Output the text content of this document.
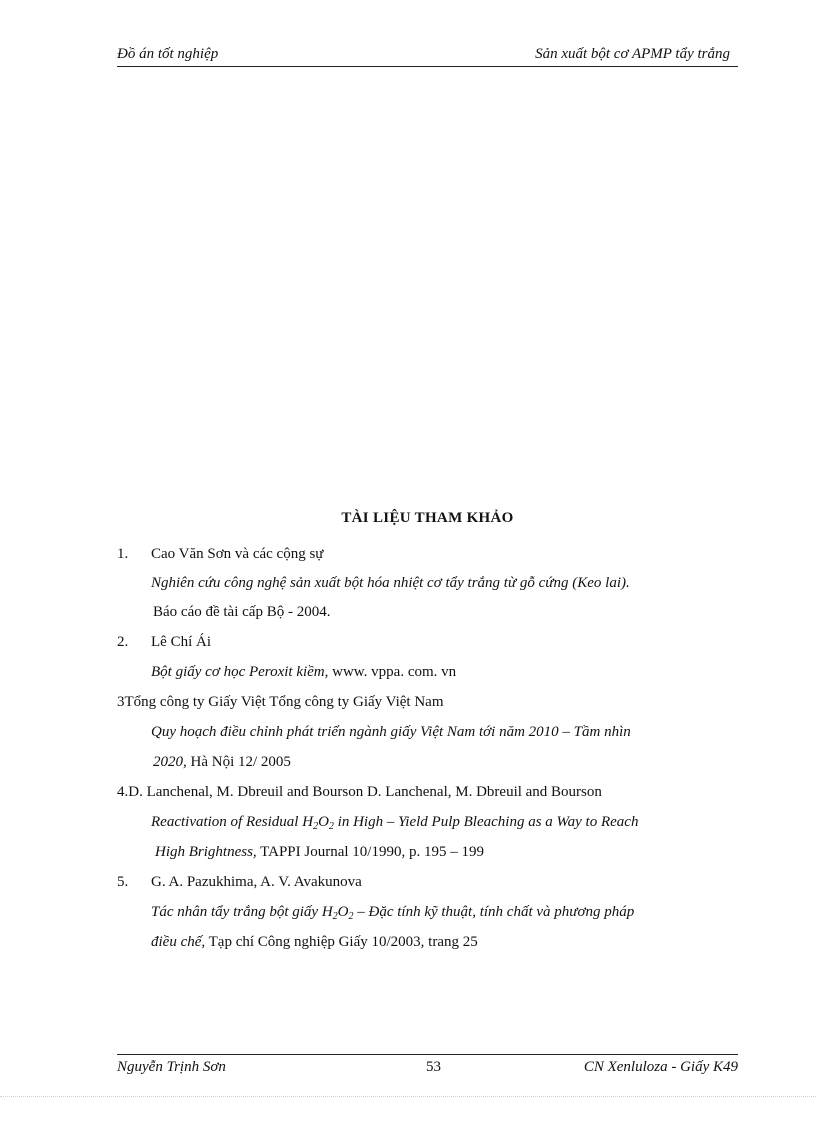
Đồ án tốt nghiệp	Sản xuất bột cơ APMP tẩy trắng
TÀI LIỆU THAM KHẢO
1. Cao Văn Sơn và các cộng sự
Nghiên cứu công nghệ sản xuất bột hóa nhiệt cơ tẩy trắng từ gỗ cứng (Keo lai).
Báo cáo đề tài cấp Bộ - 2004.
2. Lê Chí Ái
Bột giấy cơ học Peroxit kiềm, www. vppa. com. vn
3Tổng công ty Giấy Việt Tổng công ty Giấy Việt Nam
Quy hoạch điều chỉnh phát triển ngành giấy Việt Nam tới năm 2010 – Tầm nhìn
2020, Hà Nội 12/ 2005
4.D. Lanchenal, M. Dbreuil and Bourson D. Lanchenal, M. Dbreuil and Bourson
Reactivation of Residual $H_2O_2$ in High – Yield Pulp Bleaching as a Way to Reach
High Brightness, TAPPI Journal 10/1990, p. 195 – 199
5. G. A. Pazukhima, A. V. Avakunova
Tác nhân tẩy trắng bột giấy $H_2O_2$ – Đặc tính kỹ thuật, tính chất và phương pháp
điều chế, Tạp chí Công nghiệp Giấy 10/2003, trang 25
Nguyễn Trịnh Sơn	53	CN Xenluloza - Giấy K49
